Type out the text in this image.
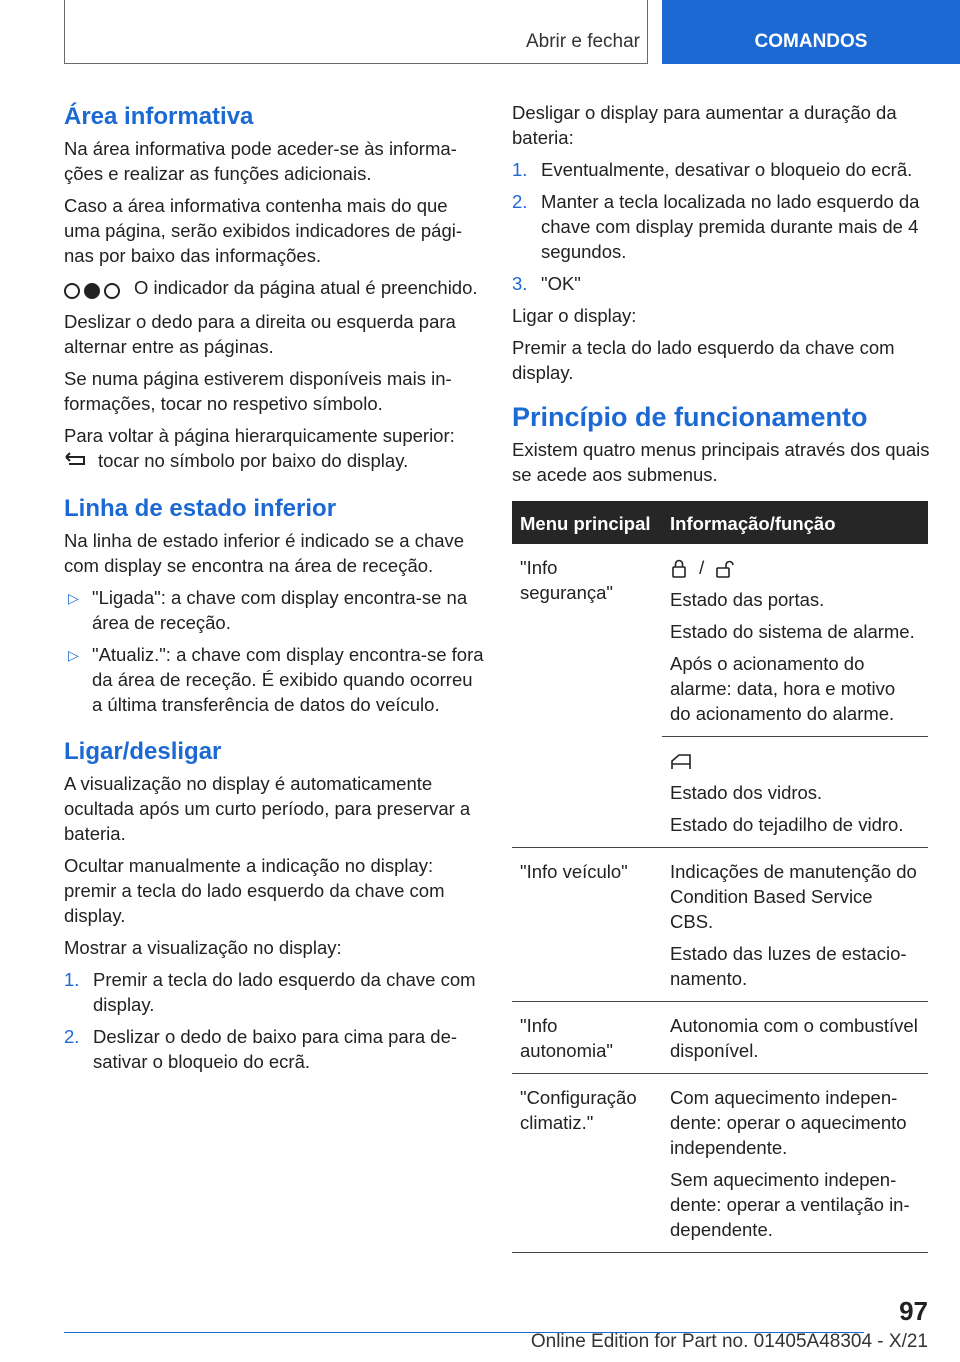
Abrir e fechar	COMANDOS
Área informativa

Na área informativa pode aceder-se às informações e realizar as funções adicionais.

Caso a área informativa contenha mais do que uma página, serão exibidos indicadores de páginas por baixo das informações.

O indicador da página atual é preenchido.

Deslizar o dedo para a direita ou esquerda para alternar entre as páginas.

Se numa página estiverem disponíveis mais informações, tocar no respetivo símbolo.

Para voltar à página hierarquicamente superior:
tocar no símbolo por baixo do display.

Linha de estado inferior

Na linha de estado inferior é indicado se a chave com display se encontra na área de receção.

▷ "Ligada": a chave com display encontra-se na área de receção.
▷ "Atualiz.": a chave com display encontra-se fora da área de receção. É exibido quando ocorreu a última transferência de datos do veículo.
Ligar/desligar

A visualização no display é automaticamente ocultada após um curto período, para preservar a bateria.

Ocultar manualmente a indicação no display: premir a tecla do lado esquerdo da chave com display.

Mostrar a visualização no display:

1. Premir a tecla do lado esquerdo da chave com display.
2. Deslizar o dedo de baixo para cima para desativar o bloqueio do ecrã.

Desligar o display para aumentar a duração da bateria:

1. Eventualmente, desativar o bloqueio do ecrã.
2. Manter a tecla localizada no lado esquerdo da chave com display premida durante mais de 4 segundos.
3. "OK"

Ligar o display:

Premir a tecla do lado esquerdo da chave com display.

Princípio de funcionamento

Existem quatro menus principais através dos quais se acede aos submenus.

Menu principal	Informação/função
"Info segurança"	/

Estado das portas.

Estado do sistema de alarme.

Após o acionamento do alarme: data, hora e motivo do acionamento do alarme.

	Estado dos vidros.

Estado do tejadilho de vidro.

"Info veículo"	Indicações de manutenção do Condition Based Service CBS.

Estado das luzes de estacionamento.

"Info autonomia"	Autonomia com o combustível disponível.

"Configuração climatiz."	Com aquecimento independente: operar o aquecimento independente.

Sem aquecimento independente: operar a ventilação independente.

97
Online Edition for Part no. 01405A48304 - X/21
